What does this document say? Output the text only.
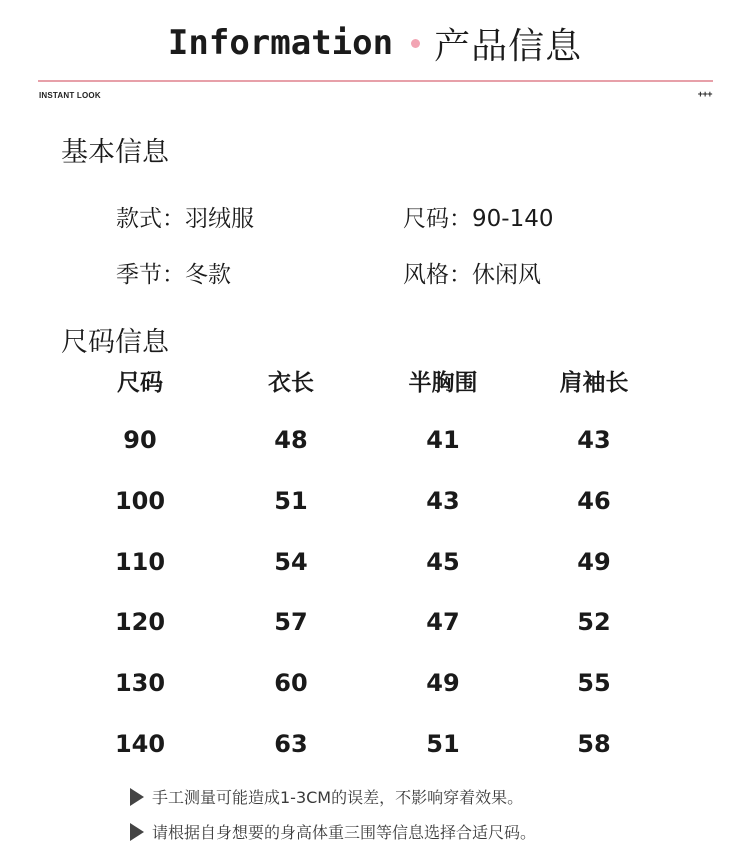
Information 产品信息
INSTANT LOOK	+++
基本信息
款式：羽绒服	尺码：90-140
季节：冬款	风格：休闲风
尺码信息
尺码	衣长	半胸围	肩袖长
90	48	41	43
100	51	43	46
110	54	45	49
120	57	47	52
130	60	49	55
140	63	51	58
手工测量可能造成1-3CM的误差，不影响穿着效果。
请根据自身想要的身高体重三围等信息选择合适尺码。
